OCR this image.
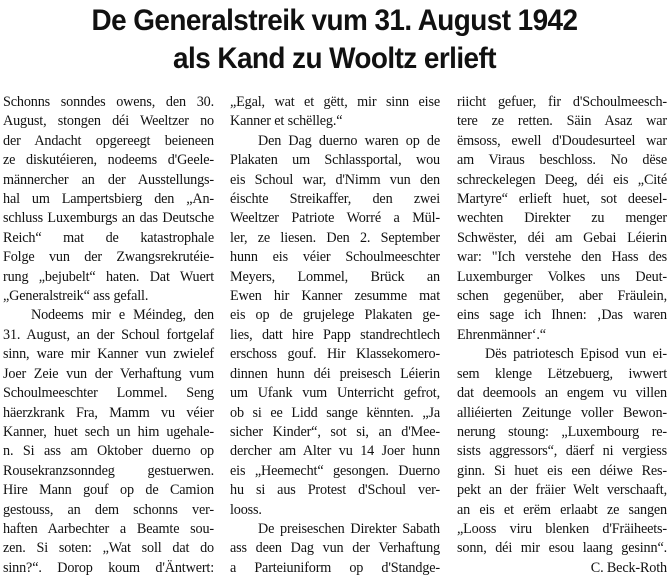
De Generalstreik vum 31. August 1942
als Kand zu Wooltz erlieft
Schonns sonndes owens, den 30.
August, stongen déi Weeltzer no
der Andacht opgereegt beieneen
ze diskutéieren, nodeems d'Geele-
männercher an der Ausstellungs-
hal um Lampertsbierg den „An-
schluss Luxemburgs an das Deutsche
Reich“ mat de katastrophale
Folge vun der Zwangsrekrutéie-
rung „bejubelt“ haten. Dat Wuert
„Generalstreik“ ass gefall.
Nodeems mir e Méindeg, den
31. August, an der Schoul fortgelaf
sinn, ware mir Kanner vun zwielef
Joer Zeie vun der Verhaftung vum
Schoulmeeschter Lommel. Seng
häerzkrank Fra, Mamm vu véier
Kanner, huet sech un him ugehale-
n. Si ass am Oktober duerno op
Rousekranzsonndeg gestuerwen.
Hire Mann gouf op de Camion
gestouss, an dem schonns ver-
haften Aarbechter a Beamte sou-
zen. Si soten: „Wat soll dat do
sinn?“. Dorop koum d'Äntwert:
„Egal, wat et gëtt, mir sinn eise
Kanner et schëlleg.“
Den Dag duerno waren op de
Plakaten um Schlassportal, wou
eis Schoul war, d'Nimm vun den
éischte Streikaffer, den zwei
Weeltzer Patriote Worré a Mül-
ler, ze liesen. Den 2. September
hunn eis véier Schoulmeeschter
Meyers, Lommel, Brück an
Ewen hir Kanner zesumme mat
eis op de grujelege Plakaten ge-
lies, datt hire Papp standrechtlech
erschoss gouf. Hir Klassekomero-
dinnen hunn déi preisesch Léierin
um Ufank vum Unterricht gefrot,
ob si ee Lidd sange kënnten. „Ja
sicher Kinder“, sot si, an d'Mee-
dercher am Alter vu 14 Joer hunn
eis „Heemecht“ gesongen. Duerno
hu si aus Protest d'Schoul ver-
looss.
De preiseschen Direkter Sabath
ass deen Dag vun der Verhaftung
a Parteiuniform op d'Standge-
riicht gefuer, fir d'Schoulmeesch-
tere ze retten. Säin Asaz war
ëmsoss, ewell d'Doudesurteel war
am Viraus beschloss. No dëse
schreckelegen Deeg, déi eis „Cité
Martyre“ erlieft huet, sot deesel-
wechten Direkter zu menger
Schwëster, déi am Gebai Léierin
war: "Ich verstehe den Hass des
Luxemburger Volkes uns Deut-
schen gegenüber, aber Fräulein,
eins sage ich Ihnen: ‚Das waren
Ehrenmänner‘.“
Dës patriotesch Episod vun ei-
sem klenge Lëtzebuerg, iwwert
dat deemools an engem vu villen
alliéierten Zeitunge voller Bewon-
nerung stoung: „Luxembourg re-
sists aggressors“, däerf ni vergiess
ginn. Si huet eis een déiwe Res-
pekt an der fräier Welt verschaaft,
an eis et erëm erlaabt ze sangen
„Looss viru blenken d'Fräiheets-
sonn, déi mir esou laang gesinn“.
C. Beck-Roth
